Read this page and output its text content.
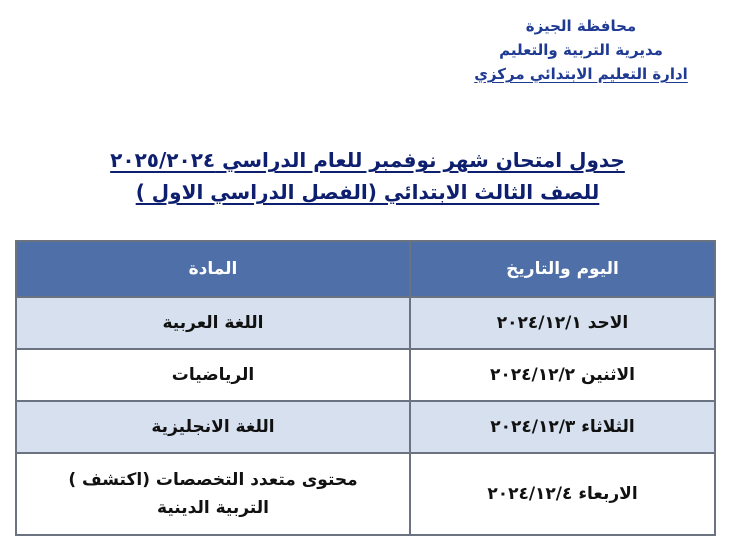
محافظة الجيزة
مديرية التربية والتعليم
ادارة التعليم الابتدائي مركزي
جدول امتحان شهر نوفمبر للعام الدراسي ٢٠٢٥/٢٠٢٤
للصف الثالث الابتدائي (الفصل الدراسي الاول )
اليوم والتاريخ	المادة
الاحد ٢٠٢٤/١٢/١	اللغة العربية
الاثنين ٢٠٢٤/١٢/٢	الرياضيات
الثلاثاء ٢٠٢٤/١٢/٣	اللغة الانجليزية
الاربعاء ٢٠٢٤/١٢/٤	محتوى متعدد التخصصات (اكتشف )
التربية الدينية
